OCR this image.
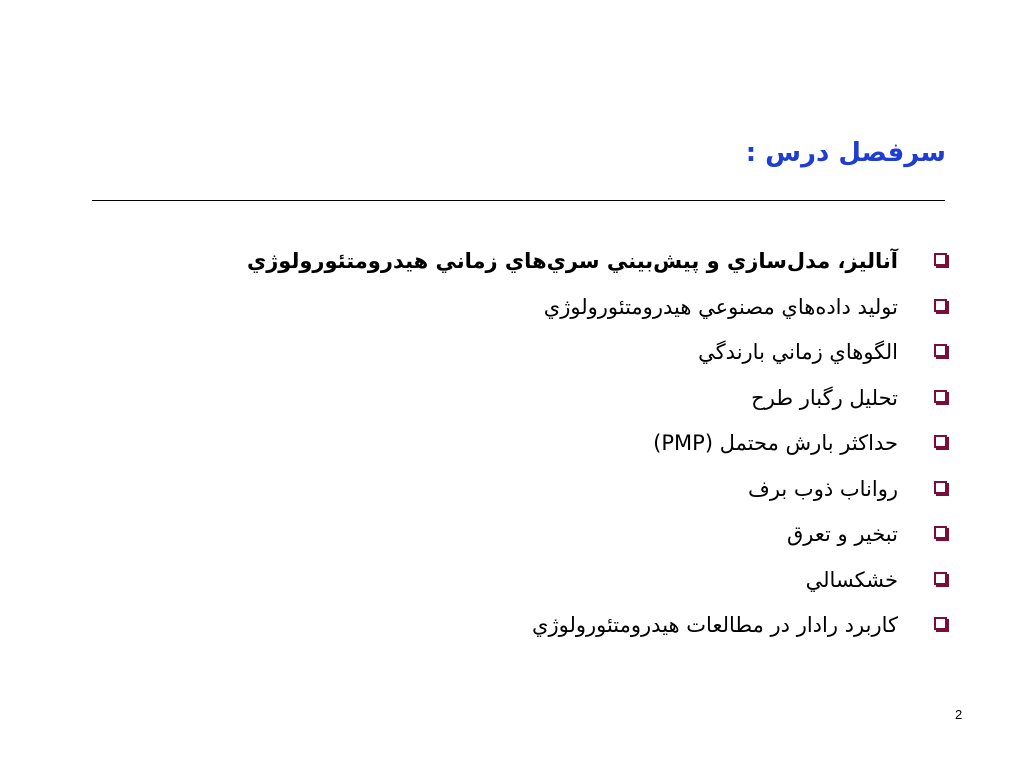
سرفصل درس :
آناليز، مدل‌سازي و پيش‌بيني سري‌هاي زماني هيدرومتئورولوژي
توليد داده‌هاي مصنوعي هيدرومتئورولوژي
الگوهاي زماني بارندگي
تحليل رگبار طرح
حداكثر بارش محتمل (PMP)
رواناب ذوب برف
تبخير و تعرق
خشكسالي
كاربرد رادار در مطالعات هيدرومتئورولوژي
2
